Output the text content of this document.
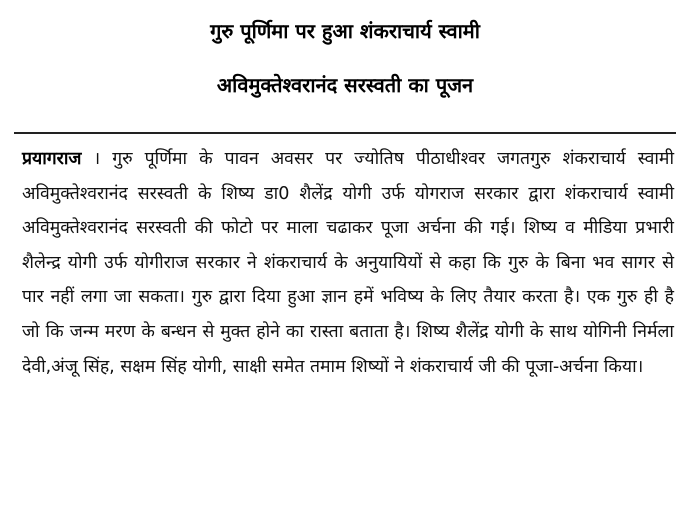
गुरु पूर्णिमा पर हुआ शंकराचार्य स्वामी
अविमुक्तेश्वरानंद सरस्वती का पूजन

प्रयागराज । गुरु पूर्णिमा के पावन अवसर पर ज्योतिष पीठाधीश्वर जगतगुरु शंकराचार्य स्वामी अविमुक्तेश्वरानंद सरस्वती के शिष्य डा0 शैलेंद्र योगी उर्फ योगराज सरकार द्वारा शंकराचार्य स्वामी अविमुक्तेश्वरानंद सरस्वती की फोटो पर माला चढाकर पूजा अर्चना की गई। शिष्य व मीडिया प्रभारी शैलेन्द्र योगी उर्फ योगीराज सरकार ने शंकराचार्य के अनुयायियों से कहा कि गुरु के बिना भव सागर से पार नहीं लगा जा सकता। गुरु द्वारा दिया हुआ ज्ञान हमें भविष्य के लिए तैयार करता है। एक गुरु ही है जो कि जन्म मरण के बन्धन से मुक्त होने का रास्ता बताता है। शिष्य शैलेंद्र योगी के साथ योगिनी निर्मला देवी,अंजू सिंह, सक्षम सिंह योगी, साक्षी समेत तमाम शिष्यों ने शंकराचार्य जी की पूजा-अर्चना किया।
